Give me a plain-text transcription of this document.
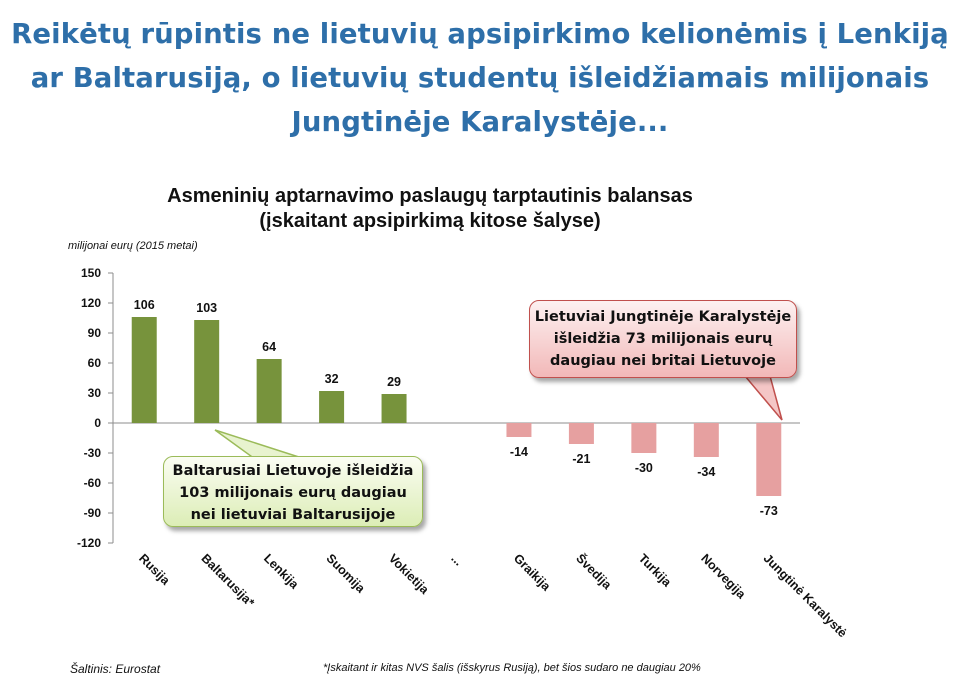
Reikėtų rūpintis ne lietuvių apsipirkimo kelionėmis į Lenkiją
ar Baltarusiją, o lietuvių studentų išleidžiamais milijonais
Jungtinėje Karalystėje...
Asmeninių aptarnavimo paslaugų tarptautinis balansas
(įskaitant apsipirkimą kitose šalyse)
milijonai eurų (2015 metai)
150
120
90
60
30
0
-30
-60
-90
-120
106
Rusija
103
Baltarusija*
64
Lenkija
32
Suomija
29
Vokietija ...
-14
Graikija
-21
Švedija
-30
Turkija
-34
Norvegija
-73
Jungtinė Karalystė
Baltarusiai Lietuvoje išleidžia
103 milijonais eurų daugiau
nei lietuviai Baltarusijoje
Lietuviai Jungtinėje Karalystėje
išleidžia 73 milijonais eurų
daugiau nei britai Lietuvoje
Šaltinis: Eurostat	*Įskaitant ir kitas NVS šalis (išskyrus Rusiją), bet šios sudaro ne daugiau 20%
